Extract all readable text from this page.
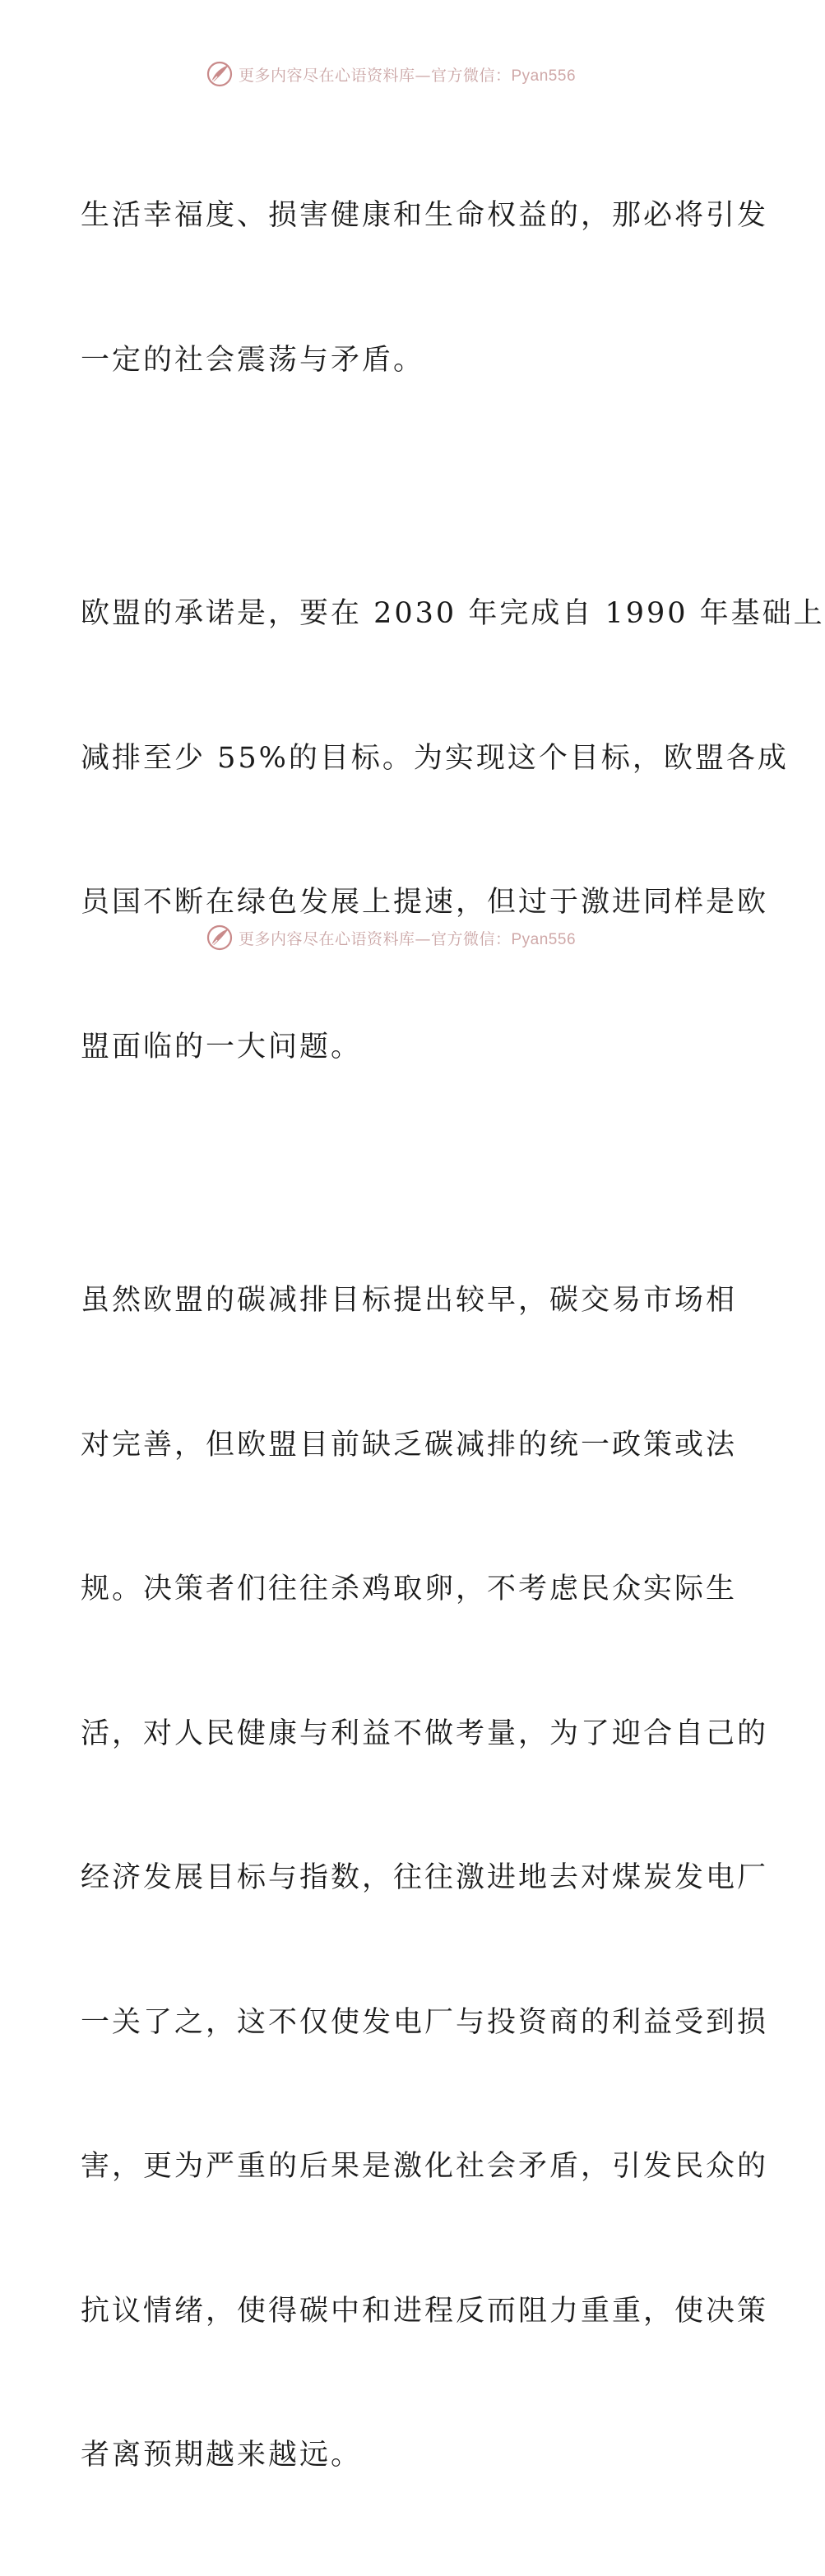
更多内容尽在心语资料库—官方微信：Pyan556

生活幸福度、损害健康和生命权益的，那必将引发

一定的社会震荡与矛盾。

欧盟的承诺是，要在 2030 年完成自 1990 年基础上

减排至少 55%的目标。为实现这个目标，欧盟各成

员国不断在绿色发展上提速，但过于激进同样是欧

盟面临的一大问题。

虽然欧盟的碳减排目标提出较早，碳交易市场相

对完善，但欧盟目前缺乏碳减排的统一政策或法

规。决策者们往往杀鸡取卵，不考虑民众实际生

活，对人民健康与利益不做考量，为了迎合自己的

经济发展目标与指数，往往激进地去对煤炭发电厂

一关了之，这不仅使发电厂与投资商的利益受到损

害，更为严重的后果是激化社会矛盾，引发民众的

抗议情绪，使得碳中和进程反而阻力重重，使决策

者离预期越来越远。

更多内容尽在心语资料库—官方微信：Pyan556
